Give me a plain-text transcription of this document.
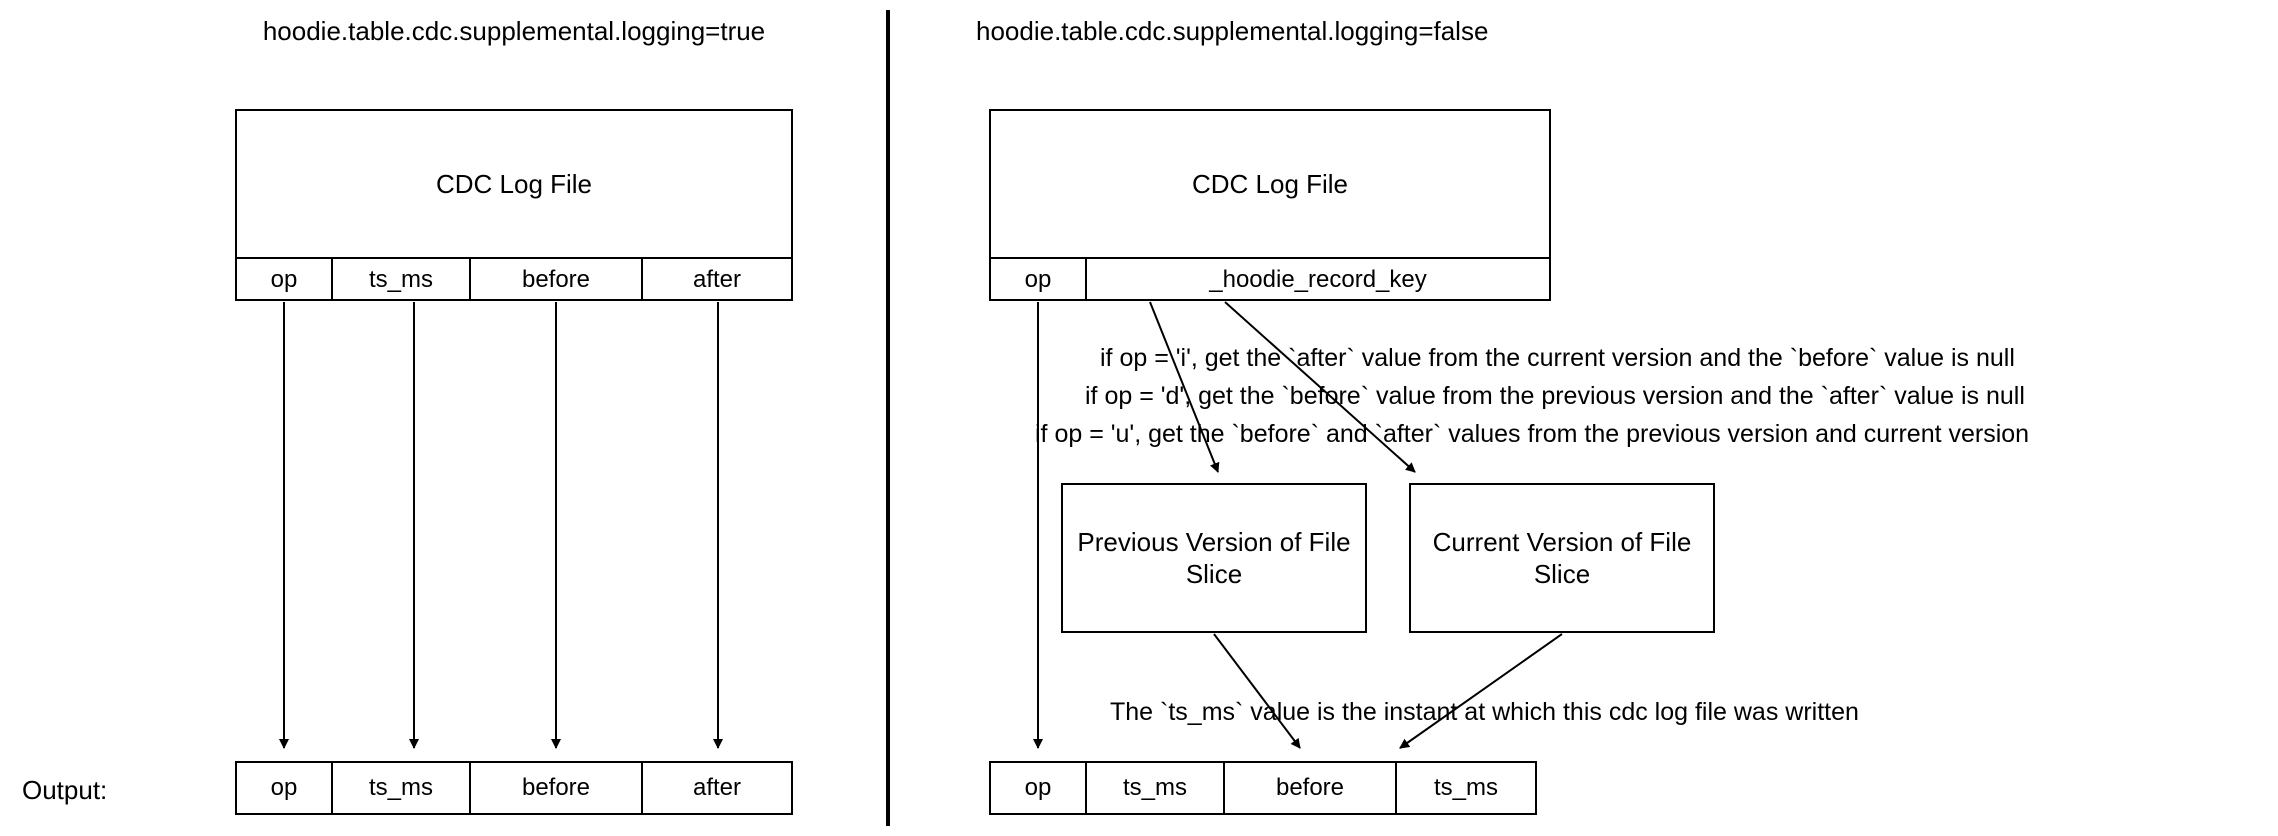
hoodie.table.cdc.supplemental.logging=true
CDC Log File
op	ts_ms	before	after
Output:	op	ts_ms	before	after
hoodie.table.cdc.supplemental.logging=false
CDC Log File
op	_hoodie_record_key
if op = 'i', get the `after` value from the current version and the `before` value is null
if op = 'd', get the `before` value from the previous version and the `after` value is null
if op = 'u', get the `before` and `after` values from the previous version and current version
Previous Version of File Slice
Current Version of File Slice
The `ts_ms` value is the instant at which this cdc log file was written
op	ts_ms	before	ts_ms
